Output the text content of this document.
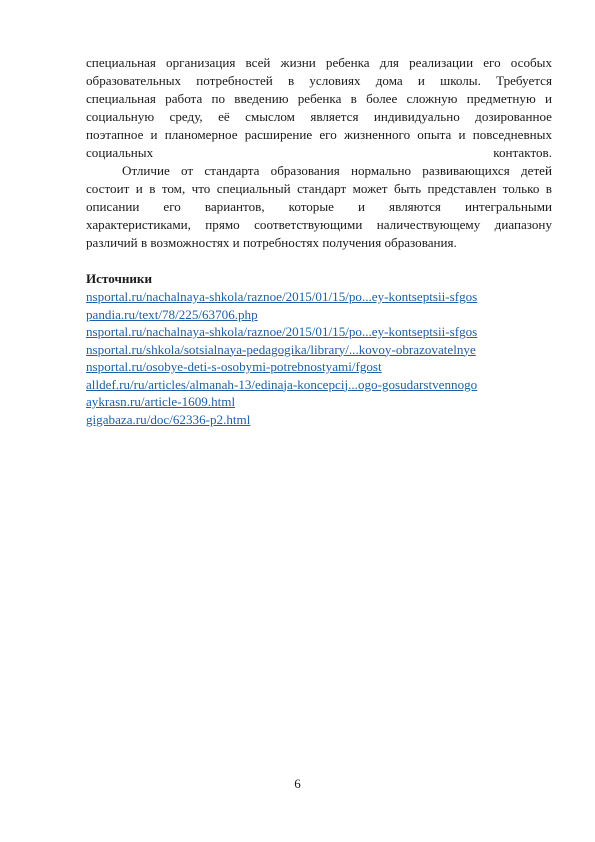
специальная организация всей жизни ребенка для реализации его особых
образовательных потребностей в условиях дома и школы. Требуется
специальная работа по введению ребенка в более сложную предметную и
социальную среду, её смыслом является индивидуально дозированное
поэтапное и планомерное расширение его жизненного опыта и повседневных
социальных контактов.
Отличие от стандарта образования нормально развивающихся детей
состоит и в том, что специальный стандарт может быть представлен только в
описании его вариантов, которые и являются интегральными
характеристиками, прямо соответствующими наличествующему диапазону
различий в возможностях и потребностях получения образования.
Источники
nsportal.ru/nachalnaya-shkola/raznoe/2015/01/15/po...ey-kontseptsii-sfgos
pandia.ru/text/78/225/63706.php
nsportal.ru/nachalnaya-shkola/raznoe/2015/01/15/po...ey-kontseptsii-sfgos
nsportal.ru/shkola/sotsialnaya-pedagogika/library/...kovoy-obrazovatelnye
nsportal.ru/osobye-deti-s-osobymi-potrebnostyami/fgost
alldef.ru/ru/articles/almanah-13/edinaja-koncepcij...ogo-gosudarstvennogo
aykrasn.ru/article-1609.html
gigabaza.ru/doc/62336-p2.html
6
